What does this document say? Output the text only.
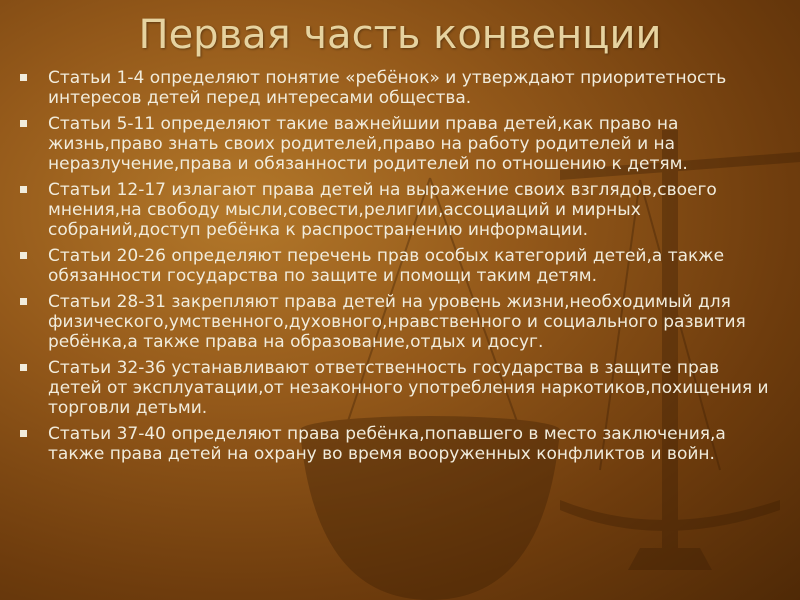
Первая часть конвенции
Статьи 1-4 определяют понятие «ребёнок» и утверждают приоритетность интересов детей перед интересами общества.
Статьи 5-11 определяют такие важнейшии права детей,как право на жизнь,право знать своих родителей,право на работу родителей и на неразлучение,права и обязанности родителей по отношению к детям.
Статьи 12-17 излагают права детей на выражение своих взглядов,своего мнения,на свободу мысли,совести,религии,ассоциаций и мирных собраний,доступ ребёнка к распространению информации.
Статьи 20-26 определяют перечень прав особых категорий детей,а также обязанности государства по защите и помощи таким детям.
Статьи 28-31 закрепляют права детей на уровень жизни,необходимый для физического,умственного,духовного,нравственного и социального развития ребёнка,а также права на образование,отдых и досуг.
Статьи 32-36 устанавливают ответственность государства в защите прав детей от эксплуатации,от незаконного употребления наркотиков,похищения и торговли детьми.
Статьи 37-40 определяют права ребёнка,попавшего в место заключения,а также права детей на охрану во время вооруженных конфликтов и войн.
